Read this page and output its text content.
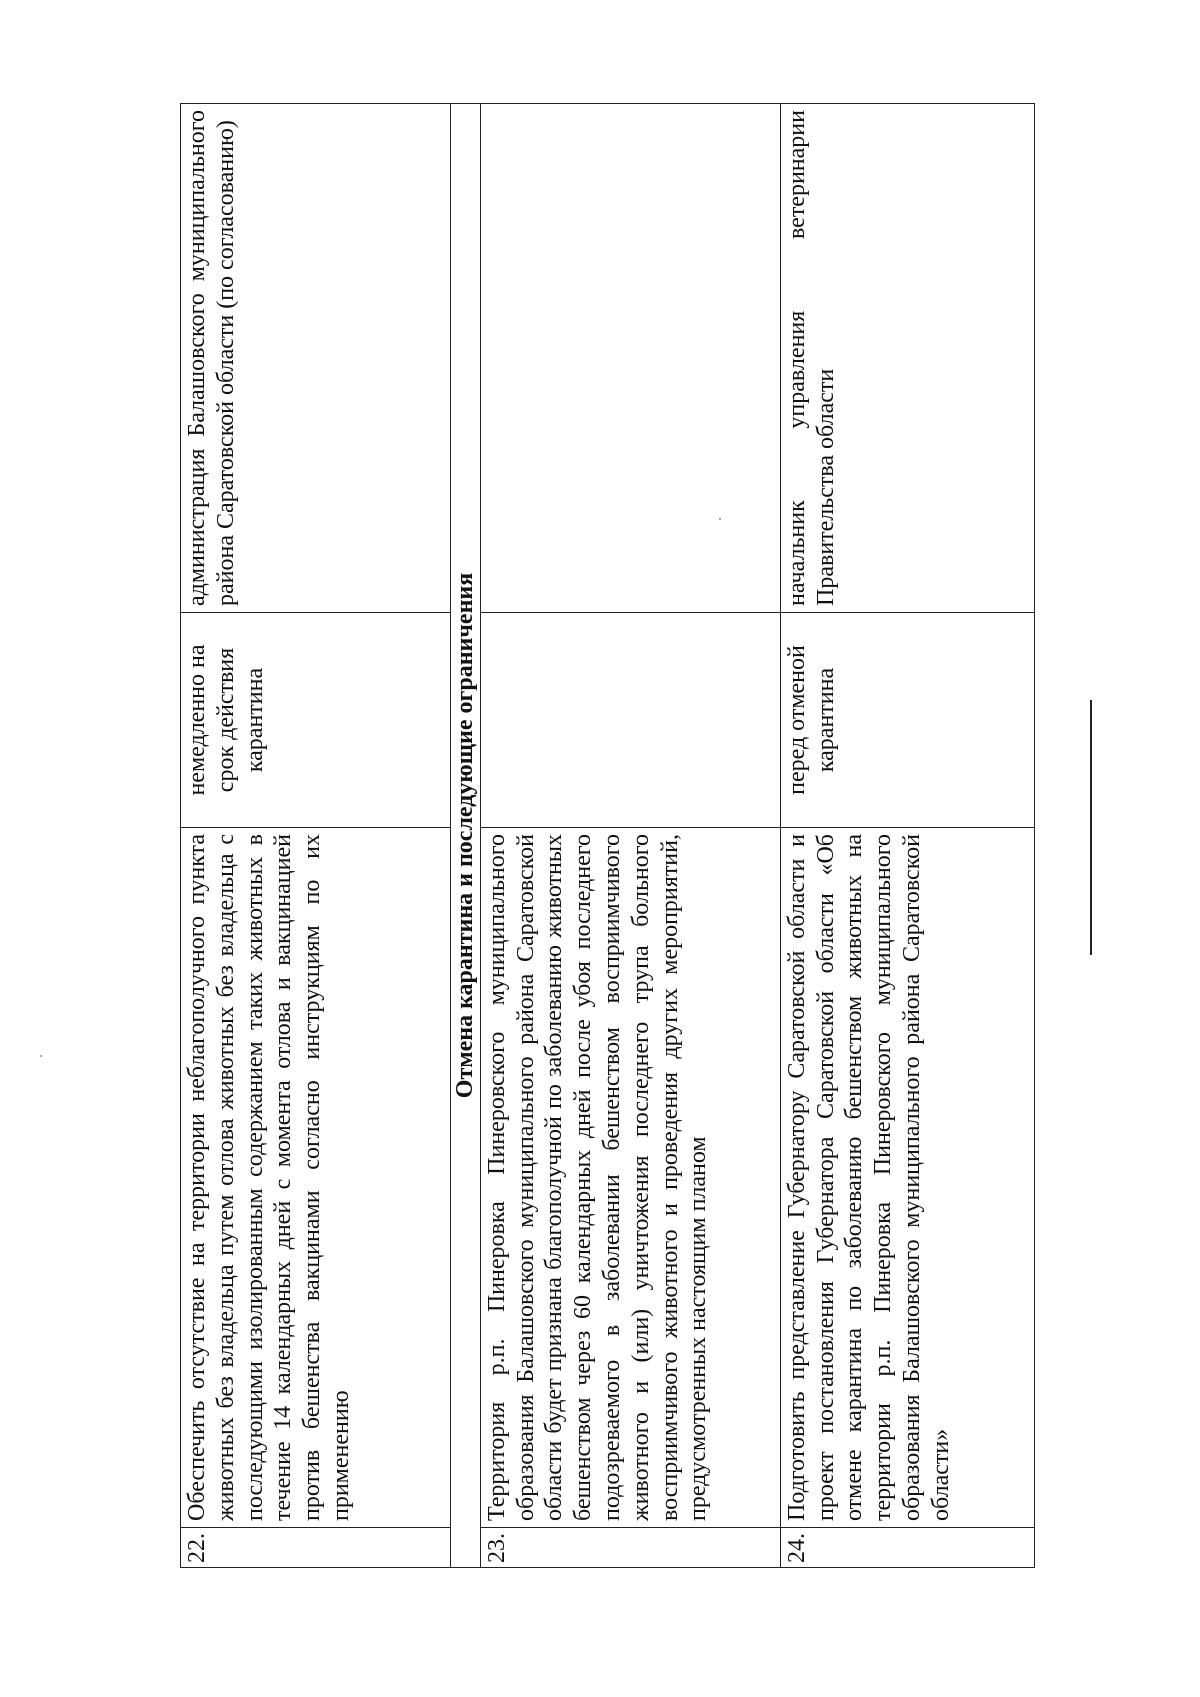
22.	Обеспечить отсутствие на территории неблагополучного пункта животных без владельца путем отлова животных без владельца с последующими изолированным содержанием таких животных в течение 14 календарных дней с момента отлова и вакцинацией против бешенства вакцинами согласно инструкциям по их применению	немедленно на срок действия карантина	администрация Балашовского муниципального района Саратовской области (по согласованию)
Отмена карантина и последующие ограничения			
23.	Территория р.п. Пинеровка Пинеровского муниципального образования Балашовского муниципального района Саратовской области будет признана благополучной по заболеванию животных бешенством через 60 календарных дней после убоя последнего подозреваемого в заболевании бешенством восприимчивого животного и (или) уничтожения последнего трупа больного восприимчивого животного и проведения других мероприятий, предусмотренных настоящим планом		
24.	Подготовить представление Губернатору Саратовской области и проект постановления Губернатора Саратовской области «Об отмене карантина по заболеванию бешенством животных на территории р.п. Пинеровка Пинеровского муниципального образования Балашовского муниципального района Саратовской области»	перед отменой карантина	начальник управления ветеринарии Правительства области
